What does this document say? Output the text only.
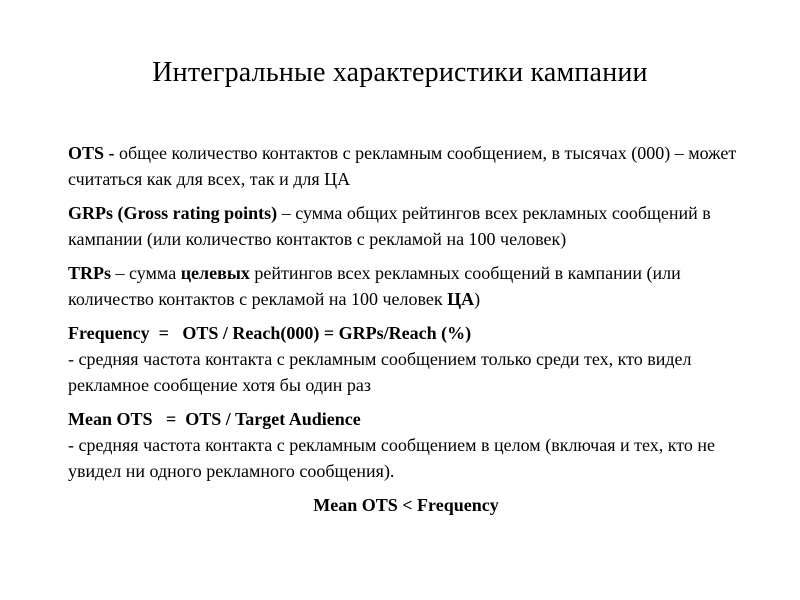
Интегральные характеристики кампании

OTS - общее количество контактов с рекламным сообщением, в тысячах (000) – может считаться как для всех, так и для ЦА

GRPs (Gross rating points) – сумма общих рейтингов всех рекламных сообщений в кампании (или количество контактов с рекламой на 100 человек)

TRPs – сумма целевых рейтингов всех рекламных сообщений в кампании (или количество контактов с рекламой на 100 человек ЦА)

Frequency  =   OTS / Reach(000) = GRPs/Reach (%)
- средняя частота контакта с рекламным сообщением только среди тех, кто видел рекламное сообщение хотя бы один раз

Mean OTS   =  OTS / Target Audience
- средняя частота контакта с рекламным сообщением в целом (включая и тех, кто не увидел ни одного рекламного сообщения).

Mean OTS < Frequency
